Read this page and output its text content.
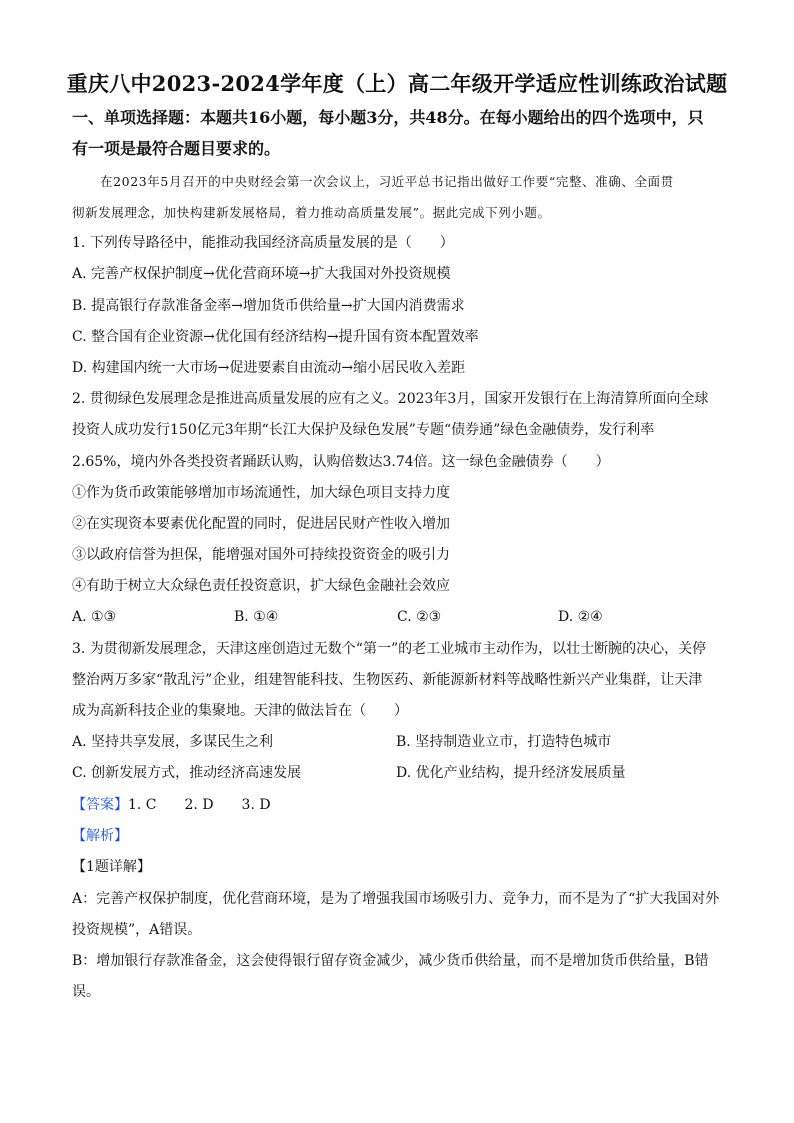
重庆八中2023-2024学年度（上）高二年级开学适应性训练政治试题
一、单项选择题：本题共16小题，每小题3分，共48分。在每小题给出的四个选项中，只
有一项是最符合题目要求的。
在2023年5月召开的中央财经会第一次会议上，习近平总书记指出做好工作要“完整、准确、全面贯
彻新发展理念，加快构建新发展格局，着力推动高质量发展”。据此完成下列小题。
1. 下列传导路径中，能推动我国经济高质量发展的是（　　）
A. 完善产权保护制度→优化营商环境→扩大我国对外投资规模
B. 提高银行存款准备金率→增加货币供给量→扩大国内消费需求
C. 整合国有企业资源→优化国有经济结构→提升国有资本配置效率
D. 构建国内统一大市场→促进要素自由流动→缩小居民收入差距
2. 贯彻绿色发展理念是推进高质量发展的应有之义。2023年3月，国家开发银行在上海清算所面向全球
投资人成功发行150亿元3年期“长江大保护及绿色发展”专题“债券通”绿色金融债券，发行利率
2.65%，境内外各类投资者踊跃认购，认购倍数达3.74倍。这一绿色金融债券（　　）
①作为货币政策能够增加市场流通性，加大绿色项目支持力度
②在实现资本要素优化配置的同时，促进居民财产性收入增加
③以政府信誉为担保，能增强对国外可持续投资资金的吸引力
④有助于树立大众绿色责任投资意识，扩大绿色金融社会效应
A. ①③	B. ①④	C. ②③	D. ②④
3. 为贯彻新发展理念，天津这座创造过无数个“第一”的老工业城市主动作为，以壮士断腕的决心，关停
整治两万多家“散乱污”企业，组建智能科技、生物医药、新能源新材料等战略性新兴产业集群，让天津
成为高新科技企业的集聚地。天津的做法旨在（　　）
A. 坚持共享发展，多谋民生之利	B. 坚持制造业立市，打造特色城市
C. 创新发展方式，推动经济高速发展	D. 优化产业结构，提升经济发展质量
【答案】1. C　　2. D　　3. D
【解析】
【1题详解】
A：完善产权保护制度，优化营商环境，是为了增强我国市场吸引力、竞争力，而不是为了“扩大我国对外
投资规模”，A错误。
B：增加银行存款准备金，这会使得银行留存资金减少，减少货币供给量，而不是增加货币供给量，B错
误。
